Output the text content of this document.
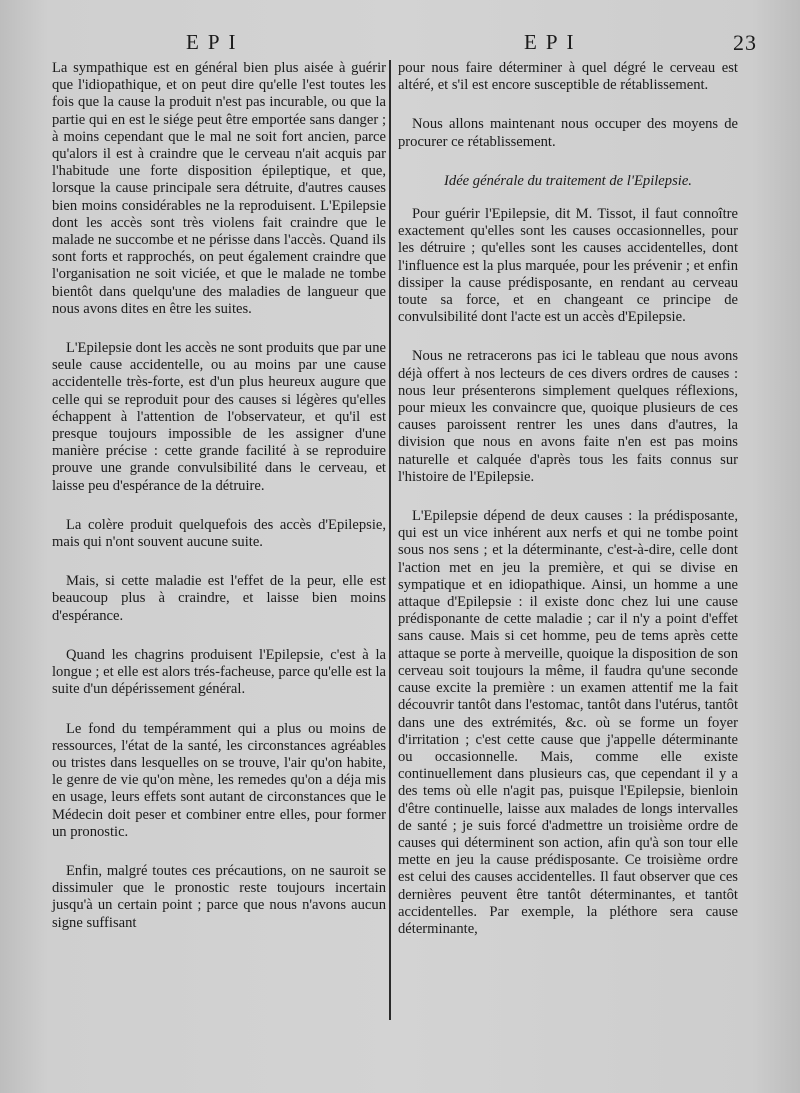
EPI	EPI	23

La sympathique est en général bien plus aisée à guérir que l'idiopathique, et on peut dire qu'elle l'est toutes les fois que la cause la produit n'est pas incurable, ou que la partie qui en est le siége peut être emportée sans danger ; à moins cependant que le mal ne soit fort ancien, parce qu'alors il est à craindre que le cerveau n'ait acquis par l'habitude une forte disposition épileptique, et que, lorsque la cause principale sera détruite, d'autres causes bien moins considérables ne la reproduisent. L'Epilepsie dont les accès sont très violens fait craindre que le malade ne succombe et ne périsse dans l'accès. Quand ils sont forts et rapprochés, on peut également craindre que l'organisation ne soit viciée, et que le malade ne tombe bientôt dans quelqu'une des maladies de langueur que nous avons dites en être les suites.

L'Epilepsie dont les accès ne sont produits que par une seule cause accidentelle, ou au moins par une cause accidentelle très-forte, est d'un plus heureux augure que celle qui se reproduit pour des causes si légères qu'elles échappent à l'attention de l'observateur, et qu'il est presque toujours impossible de les assigner d'une manière précise : cette grande facilité à se reproduire prouve une grande convulsibilité dans le cerveau, et laisse peu d'espérance de la détruire.

La colère produit quelquefois des accès d'Epilepsie, mais qui n'ont souvent aucune suite.

Mais, si cette maladie est l'effet de la peur, elle est beaucoup plus à craindre, et laisse bien moins d'espérance.

Quand les chagrins produisent l'Epilepsie, c'est à la longue ; et elle est alors trés-facheuse, parce qu'elle est la suite d'un dépérissement général.

Le fond du tempéramment qui a plus ou moins de ressources, l'état de la santé, les circonstances agréables ou tristes dans lesquelles on se trouve, l'air qu'on habite, le genre de vie qu'on mène, les remedes qu'on a déja mis en usage, leurs effets sont autant de circonstances que le Médecin doit peser et combiner entre elles, pour former un pronostic.

Enfin, malgré toutes ces précautions, on ne sauroit se dissimuler que le pronostic reste toujours incertain jusqu'à un certain point ; parce que nous n'avons aucun signe suffisant

pour nous faire déterminer à quel dégré le cerveau est altéré, et s'il est encore susceptible de rétablissement.

Nous allons maintenant nous occuper des moyens de procurer ce rétablissement.

Idée générale du traitement de l'Epilepsie.

Pour guérir l'Epilepsie, dit M. Tissot, il faut connoître exactement qu'elles sont les causes occasionnelles, pour les détruire ; qu'elles sont les causes accidentelles, dont l'influence est la plus marquée, pour les prévenir ; et enfin dissiper la cause prédisposante, en rendant au cerveau toute sa force, et en changeant ce principe de convulsibilité dont l'acte est un accès d'Epilepsie.

Nous ne retracerons pas ici le tableau que nous avons déjà offert à nos lecteurs de ces divers ordres de causes : nous leur présenterons simplement quelques réflexions, pour mieux les convaincre que, quoique plusieurs de ces causes paroissent rentrer les unes dans d'autres, la division que nous en avons faite n'en est pas moins naturelle et calquée d'après tous les faits connus sur l'histoire de l'Epilepsie.

L'Epilepsie dépend de deux causes : la prédisposante, qui est un vice inhérent aux nerfs et qui ne tombe point sous nos sens ; et la déterminante, c'est-à-dire, celle dont l'action met en jeu la première, et qui se divise en sympatique et en idiopathique. Ainsi, un homme a une attaque d'Epilepsie : il existe donc chez lui une cause prédisponante de cette maladie ; car il n'y a point d'effet sans cause. Mais si cet homme, peu de tems après cette attaque se porte à merveille, quoique la disposition de son cerveau soit toujours la même, il faudra qu'une seconde cause excite la première : un examen attentif me la fait découvrir tantôt dans l'estomac, tantôt dans l'utérus, tantôt dans une des extrémités, &c. où se forme un foyer d'irritation ; c'est cette cause que j'appelle déterminante ou occasionnelle. Mais, comme elle existe continuellement dans plusieurs cas, que cependant il y a des tems où elle n'agit pas, puisque l'Epilepsie, bienloin d'être continuelle, laisse aux malades de longs intervalles de santé ; je suis forcé d'admettre un troisième ordre de causes qui déterminent son action, afin qu'à son tour elle mette en jeu la cause prédisposante. Ce troisième ordre est celui des causes accidentelles. Il faut observer que ces dernières peuvent être tantôt déterminantes, et tantôt accidentelles. Par exemple, la pléthore sera cause déterminante,
